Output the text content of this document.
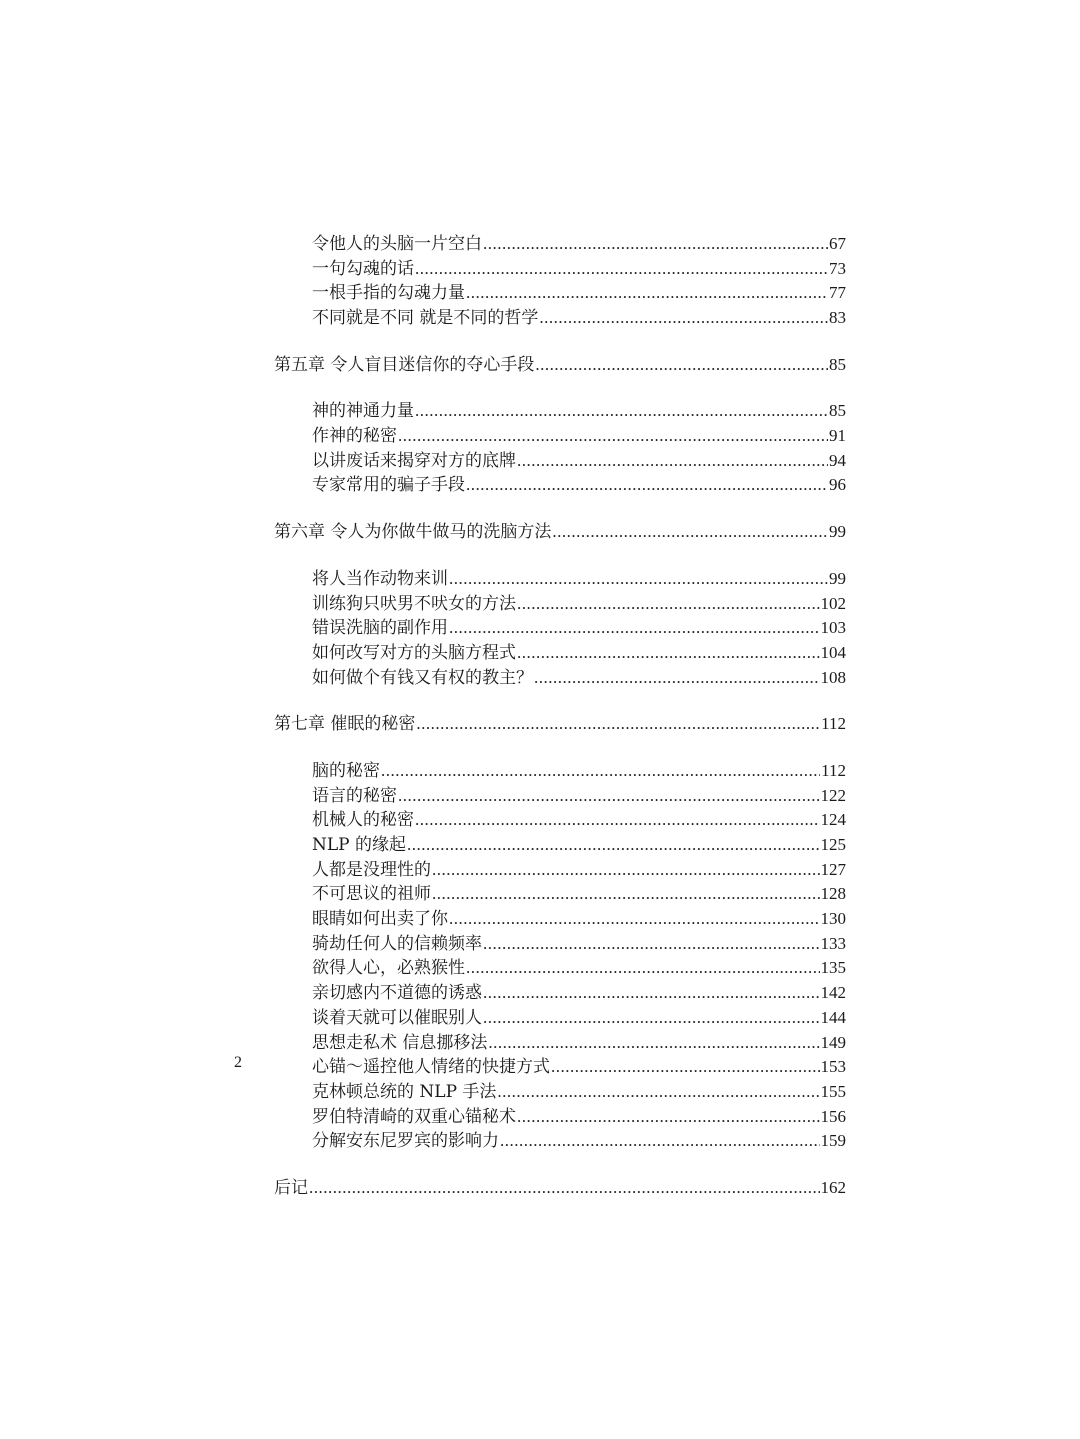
令他人的头脑一片空白 .....	67
一句勾魂的话 .....	73
一根手指的勾魂力量 .....	77
不同就是不同 就是不同的哲学 .....	83
第五章 令人盲目迷信你的夺心手段 .....	85
神的神通力量 .....	85
作神的秘密 .....	91
以讲废话来揭穿对方的底牌 .....	94
专家常用的骗子手段 .....	96
第六章 令人为你做牛做马的洗脑方法 .....	99
将人当作动物来训 .....	99
训练狗只吠男不吠女的方法 .....	102
错误洗脑的副作用 .....	103
如何改写对方的头脑方程式 .....	104
如何做个有钱又有权的教主？ .....	108
第七章 催眠的秘密 .....	112
脑的秘密 .....	112
语言的秘密 .....	122
机械人的秘密 .....	124
NLP 的缘起 .....	125
人都是没理性的 .....	127
不可思议的祖师 .....	128
眼睛如何出卖了你 .....	130
骑劫任何人的信赖频率 .....	133
欲得人心，必熟猴性 .....	135
亲切感内不道德的诱惑 .....	142
谈着天就可以催眠别人 .....	144
思想走私术 信息挪移法 .....	149
心锚～遥控他人情绪的快捷方式 .....	153
克林顿总统的 NLP 手法 .....	155
罗伯特清崎的双重心锚秘术 .....	156
分解安东尼罗宾的影响力 .....	159
后记 .....	162
2
